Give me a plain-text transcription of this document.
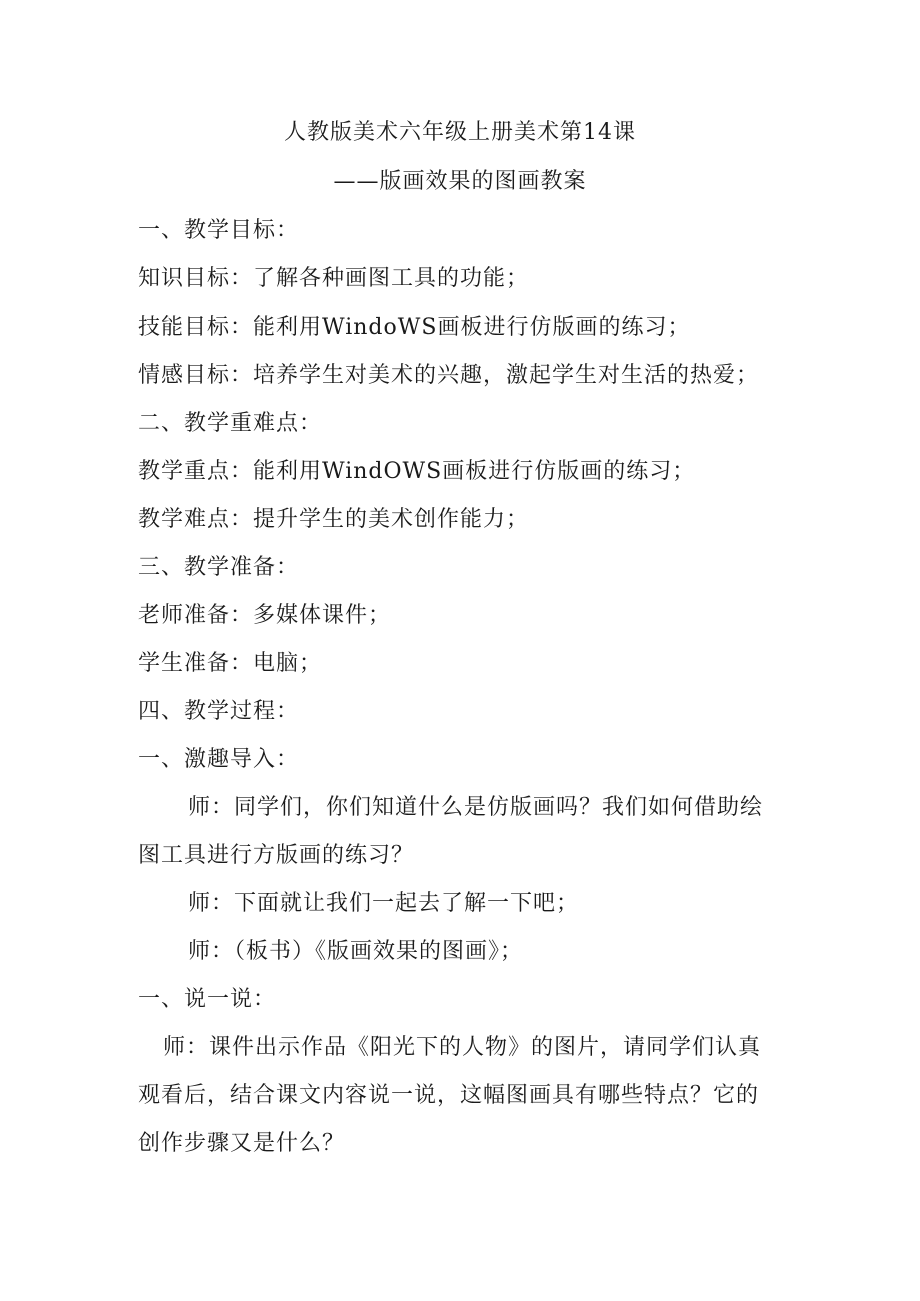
人教版美术六年级上册美术第14课
——版画效果的图画教案
一、教学目标：
知识目标：了解各种画图工具的功能；
技能目标：能利用WindoWS画板进行仿版画的练习；
情感目标：培养学生对美术的兴趣，激起学生对生活的热爱；
二、教学重难点：
教学重点：能利用WindOWS画板进行仿版画的练习；
教学难点：提升学生的美术创作能力；
三、教学准备：
老师准备：多媒体课件；
学生准备：电脑；
四、教学过程：
一、激趣导入：
师：同学们，你们知道什么是仿版画吗？我们如何借助绘
图工具进行方版画的练习？
师：下面就让我们一起去了解一下吧；
师：（板书）《版画效果的图画》；
一、说一说：
师：课件出示作品《阳光下的人物》的图片，请同学们认真
观看后，结合课文内容说一说，这幅图画具有哪些特点？它的
创作步骤又是什么？
